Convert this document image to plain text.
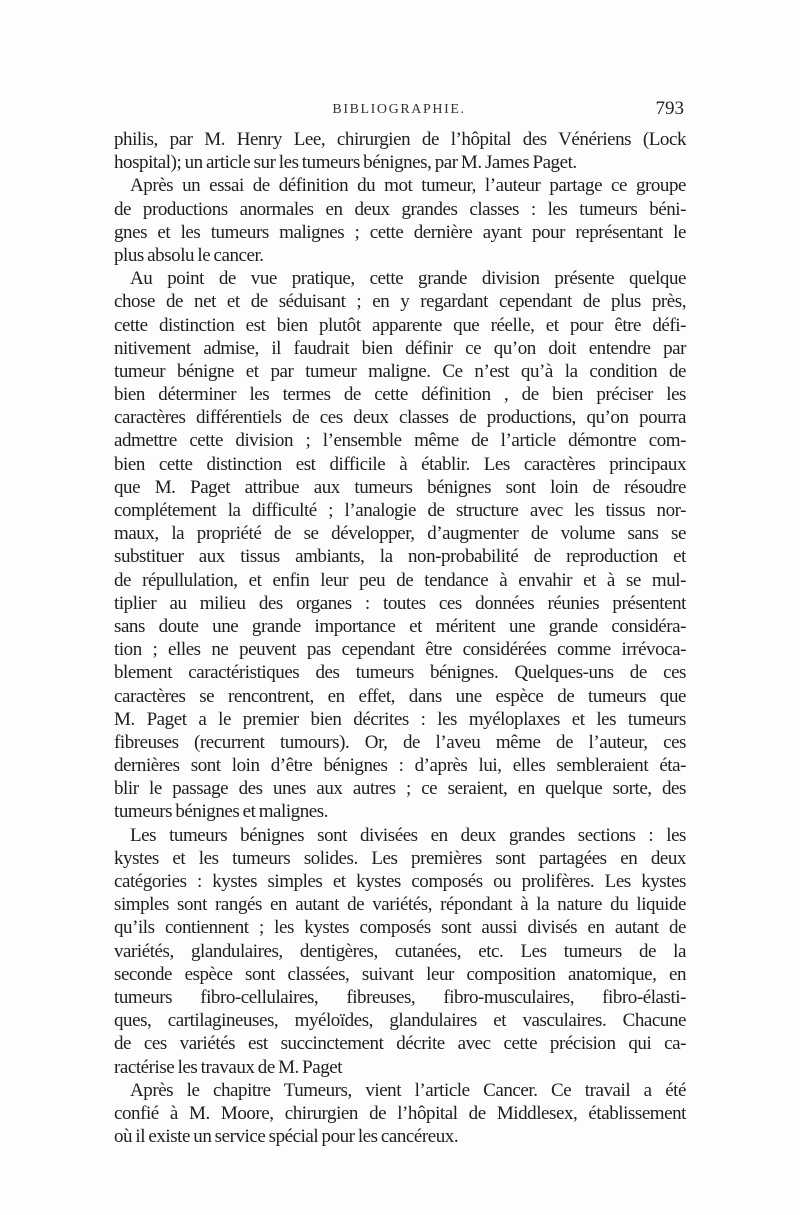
BIBLIOGRAPHIE.	793
philis, par M. Henry Lee, chirurgien de l’hôpital des Vénériens (Lock
hospital); un article sur les tumeurs bénignes, par M. James Paget.
Après un essai de définition du mot tumeur, l’auteur partage ce groupe
de productions anormales en deux grandes classes : les tumeurs béni-
gnes et les tumeurs malignes ; cette dernière ayant pour représentant le
plus absolu le cancer.
Au point de vue pratique, cette grande division présente quelque
chose de net et de séduisant ; en y regardant cependant de plus près,
cette distinction est bien plutôt apparente que réelle, et pour être défi-
nitivement admise, il faudrait bien définir ce qu’on doit entendre par
tumeur bénigne et par tumeur maligne. Ce n’est qu’à la condition de
bien déterminer les termes de cette définition , de bien préciser les
caractères différentiels de ces deux classes de productions, qu’on pourra
admettre cette division ; l’ensemble même de l’article démontre com-
bien cette distinction est difficile à établir. Les caractères principaux
que M. Paget attribue aux tumeurs bénignes sont loin de résoudre
complétement la difficulté ; l’analogie de structure avec les tissus nor-
maux, la propriété de se développer, d’augmenter de volume sans se
substituer aux tissus ambiants, la non-probabilité de reproduction et
de répullulation, et enfin leur peu de tendance à envahir et à se mul-
tiplier au milieu des organes : toutes ces données réunies présentent
sans doute une grande importance et méritent une grande considéra-
tion ; elles ne peuvent pas cependant être considérées comme irrévoca-
blement caractéristiques des tumeurs bénignes. Quelques-uns de ces
caractères se rencontrent, en effet, dans une espèce de tumeurs que
M. Paget a le premier bien décrites : les myéloplaxes et les tumeurs
fibreuses (recurrent tumours). Or, de l’aveu même de l’auteur, ces
dernières sont loin d’être bénignes : d’après lui, elles sembleraient éta-
blir le passage des unes aux autres ; ce seraient, en quelque sorte, des
tumeurs bénignes et malignes.
Les tumeurs bénignes sont divisées en deux grandes sections : les
kystes et les tumeurs solides. Les premières sont partagées en deux
catégories : kystes simples et kystes composés ou prolifères. Les kystes
simples sont rangés en autant de variétés, répondant à la nature du liquide
qu’ils contiennent ; les kystes composés sont aussi divisés en autant de
variétés, glandulaires, dentigères, cutanées, etc. Les tumeurs de la
seconde espèce sont classées, suivant leur composition anatomique, en
tumeurs fibro-cellulaires, fibreuses, fibro-musculaires, fibro-élasti-
ques, cartilagineuses, myéloïdes, glandulaires et vasculaires. Chacune
de ces variétés est succinctement décrite avec cette précision qui ca-
ractérise les travaux de M. Paget
Après le chapitre Tumeurs, vient l’article Cancer. Ce travail a été
confié à M. Moore, chirurgien de l’hôpital de Middlesex, établissement
où il existe un service spécial pour les cancéreux.
